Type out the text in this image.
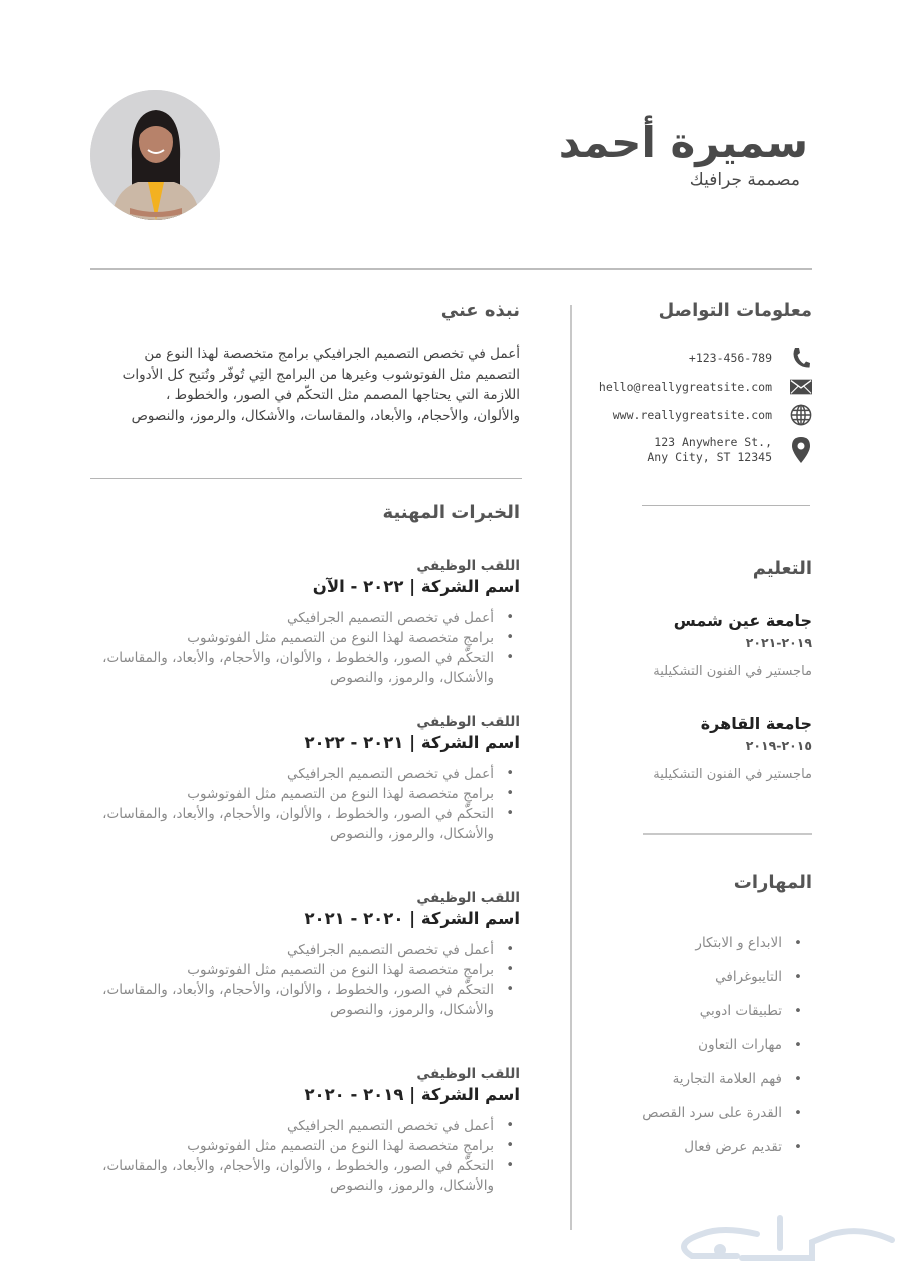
سميرة أحمد
مصممة جرافيك
معلومات التواصل
+123-456-789
hello@reallygreatsite.com
www.reallygreatsite.com
123 Anywhere St.,
Any City, ST 12345
نبذه عني
أعمل في تخصص التصميم الجرافيكي برامج متخصصة لهذا النوع من التصميم مثل الفوتوشوب وغيرها من البرامج التِي تُوفّر وتُتيح كل الأدوات اللازمة التي يحتاجها المصمم مثل التحكّم في الصور، والخطوط ، والألوان، والأحجام، والأبعاد، والمقاسات، والأشكال، والرموز، والنصوص
الخبرات المهنية
اللقب الوظيفي
اسم الشركة | ٢٠٢٢ - الآن
• أعمل في تخصص التصميم الجرافيكي
• برامجٍ متخصصة لهذا النوع من التصميم مثل الفوتوشوب
• التحكّم في الصور، والخطوط ، والألوان، والأحجام، والأبعاد، والمقاسات، والأشكال، والرموز، والنصوص
اللقب الوظيفي
اسم الشركة | ٢٠٢١ - ٢٠٢٢
• أعمل في تخصص التصميم الجرافيكي
• برامجٍ متخصصة لهذا النوع من التصميم مثل الفوتوشوب
• التحكّم في الصور، والخطوط ، والألوان، والأحجام، والأبعاد، والمقاسات، والأشكال، والرموز، والنصوص
اللقب الوظيفي
اسم الشركة | ٢٠٢٠ - ٢٠٢١
• أعمل في تخصص التصميم الجرافيكي
• برامجٍ متخصصة لهذا النوع من التصميم مثل الفوتوشوب
• التحكّم في الصور، والخطوط ، والألوان، والأحجام، والأبعاد، والمقاسات، والأشكال، والرموز، والنصوص
اللقب الوظيفي
اسم الشركة | ٢٠١٩ - ٢٠٢٠
• أعمل في تخصص التصميم الجرافيكي
• برامجٍ متخصصة لهذا النوع من التصميم مثل الفوتوشوب
• التحكّم في الصور، والخطوط ، والألوان، والأحجام، والأبعاد، والمقاسات، والأشكال، والرموز، والنصوص
التعليم
جامعة عين شمس
٢٠١٩-٢٠٢١
ماجستير في الفنون التشكيلية
جامعة القاهرة
٢٠١٥-٢٠١٩
ماجستير في الفنون التشكيلية
المهارات
• الابداع و الابتكار
• التايبوغرافي
• تطبيقات ادوبي
• مهارات التعاون
• فهم العلامة التجارية
• القدرة على سرد القصص
• تقديم عرض فعال
